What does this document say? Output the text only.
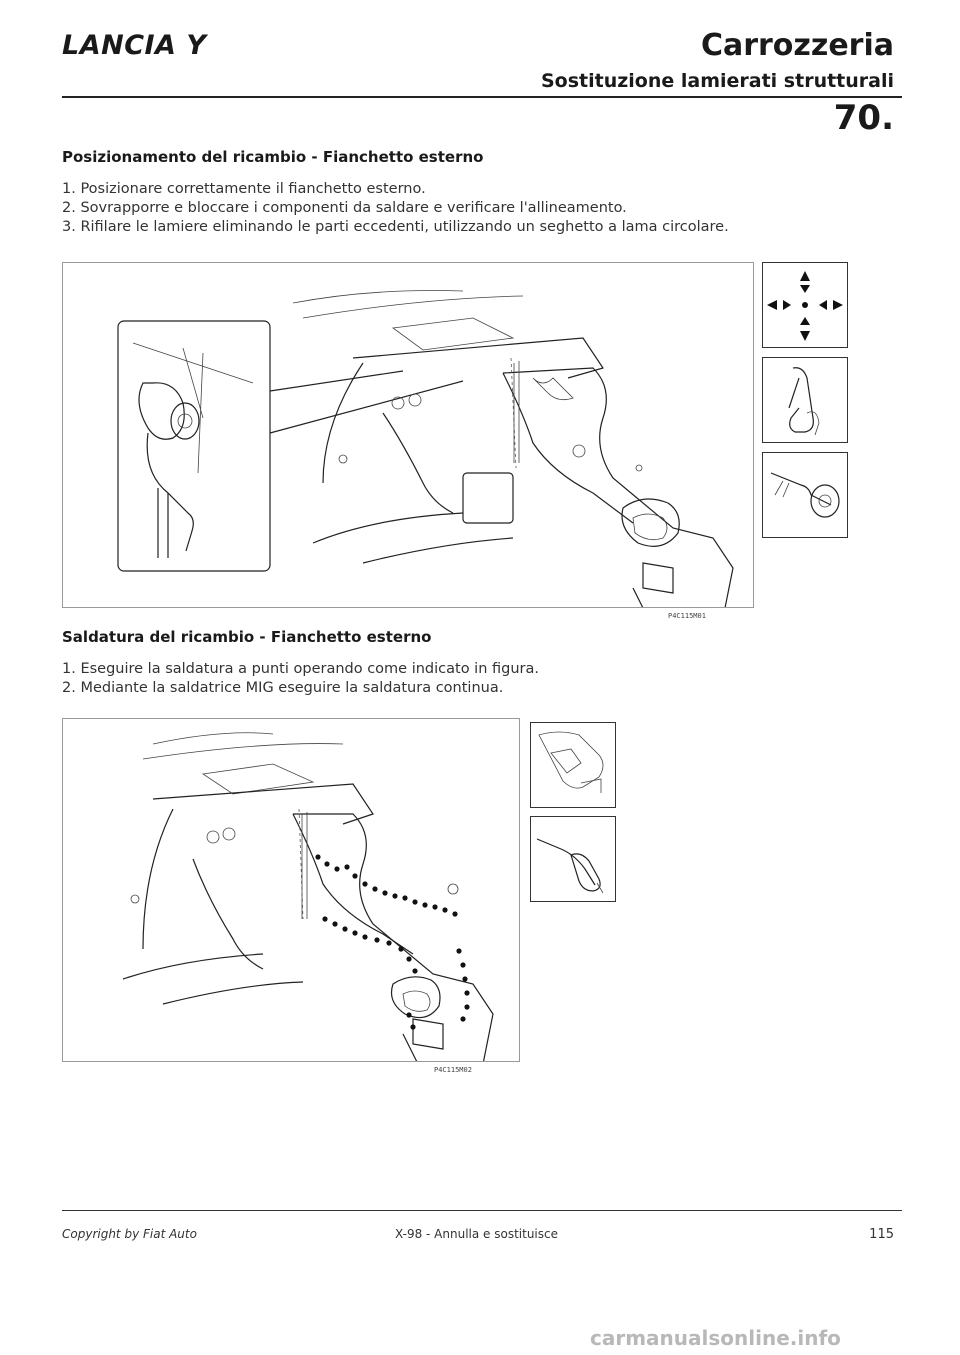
LANCIA Y	Carrozzeria
Sostituzione lamierati strutturali
70.
Posizionamento del ricambio - Fianchetto esterno
1. Posizionare correttamente il fianchetto esterno.
2. Sovrapporre e bloccare i componenti da saldare e verificare l'allineamento.
3. Rifilare le lamiere eliminando le parti eccedenti, utilizzando un seghetto a lama circolare.
P4C115M01
Saldatura del ricambio - Fianchetto esterno
1. Eseguire la saldatura a punti operando come indicato in figura.
2. Mediante la saldatrice MIG eseguire la saldatura continua.
P4C115M02
Copyright by Fiat Auto	X-98 - Annulla e sostituisce	115
carmanualsonline.info
